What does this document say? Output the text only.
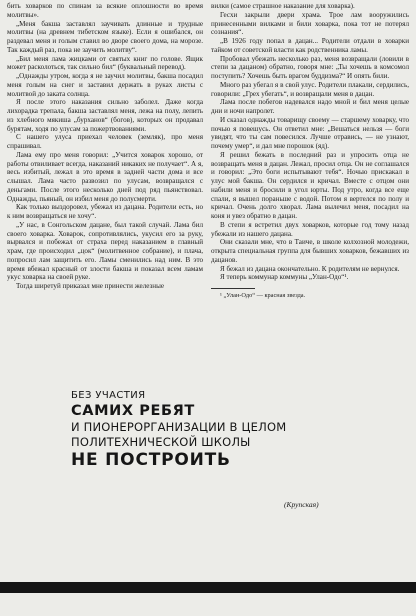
бить ховарков по спинам за всякие оплошности во время молитвы».

„Меня бакша заставлял заучивать длинные и трудные молитвы (на древнем тибетском языке). Если я ошибался, он раздевал меня и голым ставил во дворе своего дома, на морозе. Так каждый раз, пока не заучить молитву“.

„Бил меня лама жицками от святых книг по голове. Ящик может расколоться, так сильно бил“ (буквальный перевод).

„Однажды утром, когда я не заучил молитвы, бакша посадил меня голым на снег и заставил держать в руках листы с молитвой до заката солнца.

Я после этого наказания сильно заболел. Даже когда лихорадка трепала, бакша заставлял меня, лежа на полу, лепить из хлебного мякиша „бурханов“ (богов), которых он продавал бурятам, ходя по улусам за пожертвованиями.

С нашего улуса приехал человек (земляк), про меня спрашивал.

Лама ему про меня говорил: „Учится ховарок хорошо, от работы отвиливает всегда, наказаний никаких не получает“. А я, весь избитый, лежал в это время в задней части дома и все слышал. Лама часто развозил по улусам, возвращался с деньгами. После этого несколько дней под ряд пьянствовал. Однажды, пьяный, он избил меня до полусмерти.

Как только выздоровел, убежал из дацана. Родители есть, но к ним возвращаться не хочу“.

„У нас, в Сонгольском дацане, был такой случай. Лама бил своего ховарка. Ховарок, сопротивлялись, укусил его за руку, вырвался и побежал от страха перед наказанием в главный храм, где происходил „цок“ (молитвенное собрание), и плача, попросил лам защитить его. Ламы сменились над ним. В это время вбежал красный от злости бакша и показал всем ламам укус ховарка на своей руке.

Тогда ширетуй приказал мне принести железные

вилки (самое страшное наказание для ховарка).

Гесхи закрыли двери храма. Трое лам вооружились принесенными вилками и били ховарка, пока тот не потерял сознания“.

„В 1926 году попал в дацан... Родители отдали в ховарки тайком от советской власти как родственника ламы.

Пробовал убежать несколько раз, меня возвращали (ловили в степи за дацаном) обратно, говоря мне: „Ты хочешь в комсомол поступить? Хочешь быть врагом буддизма?“ И опять били.

Много раз убегал я в свой улус. Родители плакали, сердились, говорили: „Грех убегать“, и возвращали меня в дацан.

Лама после побегов надевался надо мной и бил меня целые дни и ночи напролет.

И сказал однажды товарищу своему — старшему ховарку, что почью я повешусь. Он ответил мне: „Вешаться нельзя — боги увидят, что ты сам повесился. Лучше отравись, — не узнают, почему умер“, и дал мне порошок (яд).

Я решил бежать в последний раз и упросить отца не возвращать меня в дацан. Лежал, просил отца. Он не соглашался и говорил: „Это боги испытывают тебя“. Ночью прискакал в улус мой бакша. Он сердился и кричал. Вместе с отцом они набили меня и бросили в угол юрты. Под утро, когда все еще спали, я вышел пораньше с водой. Потом я вертелся по полу и кричал. Очень долго хворал. Лама вылечил меня, посадил на коня и увез обратно в дацан.

В степи я встретил двух ховарков, которые год тому назад убежали из нашего дацана.

Они сказали мне, что в Таиче, в школе колхозной молодежи, открыта специальная группа для бывших ховарков, бежавших из дацанов.

Я бежал из дацана окончательно. К родителям не вернулся.

Я теперь коммунар коммуны „Улан-Одо“¹.

¹ „Улан-Одо“ — красная звезда.
БЕЗ УЧАСТИЯ
САМИХ РЕБЯТ
И ПИОНЕРОРГАНИЗАЦИИ В ЦЕЛОМ
ПОЛИТЕХНИЧЕСКОЙ ШКОЛЫ
НЕ ПОСТРОИТЬ
(Крупская)
